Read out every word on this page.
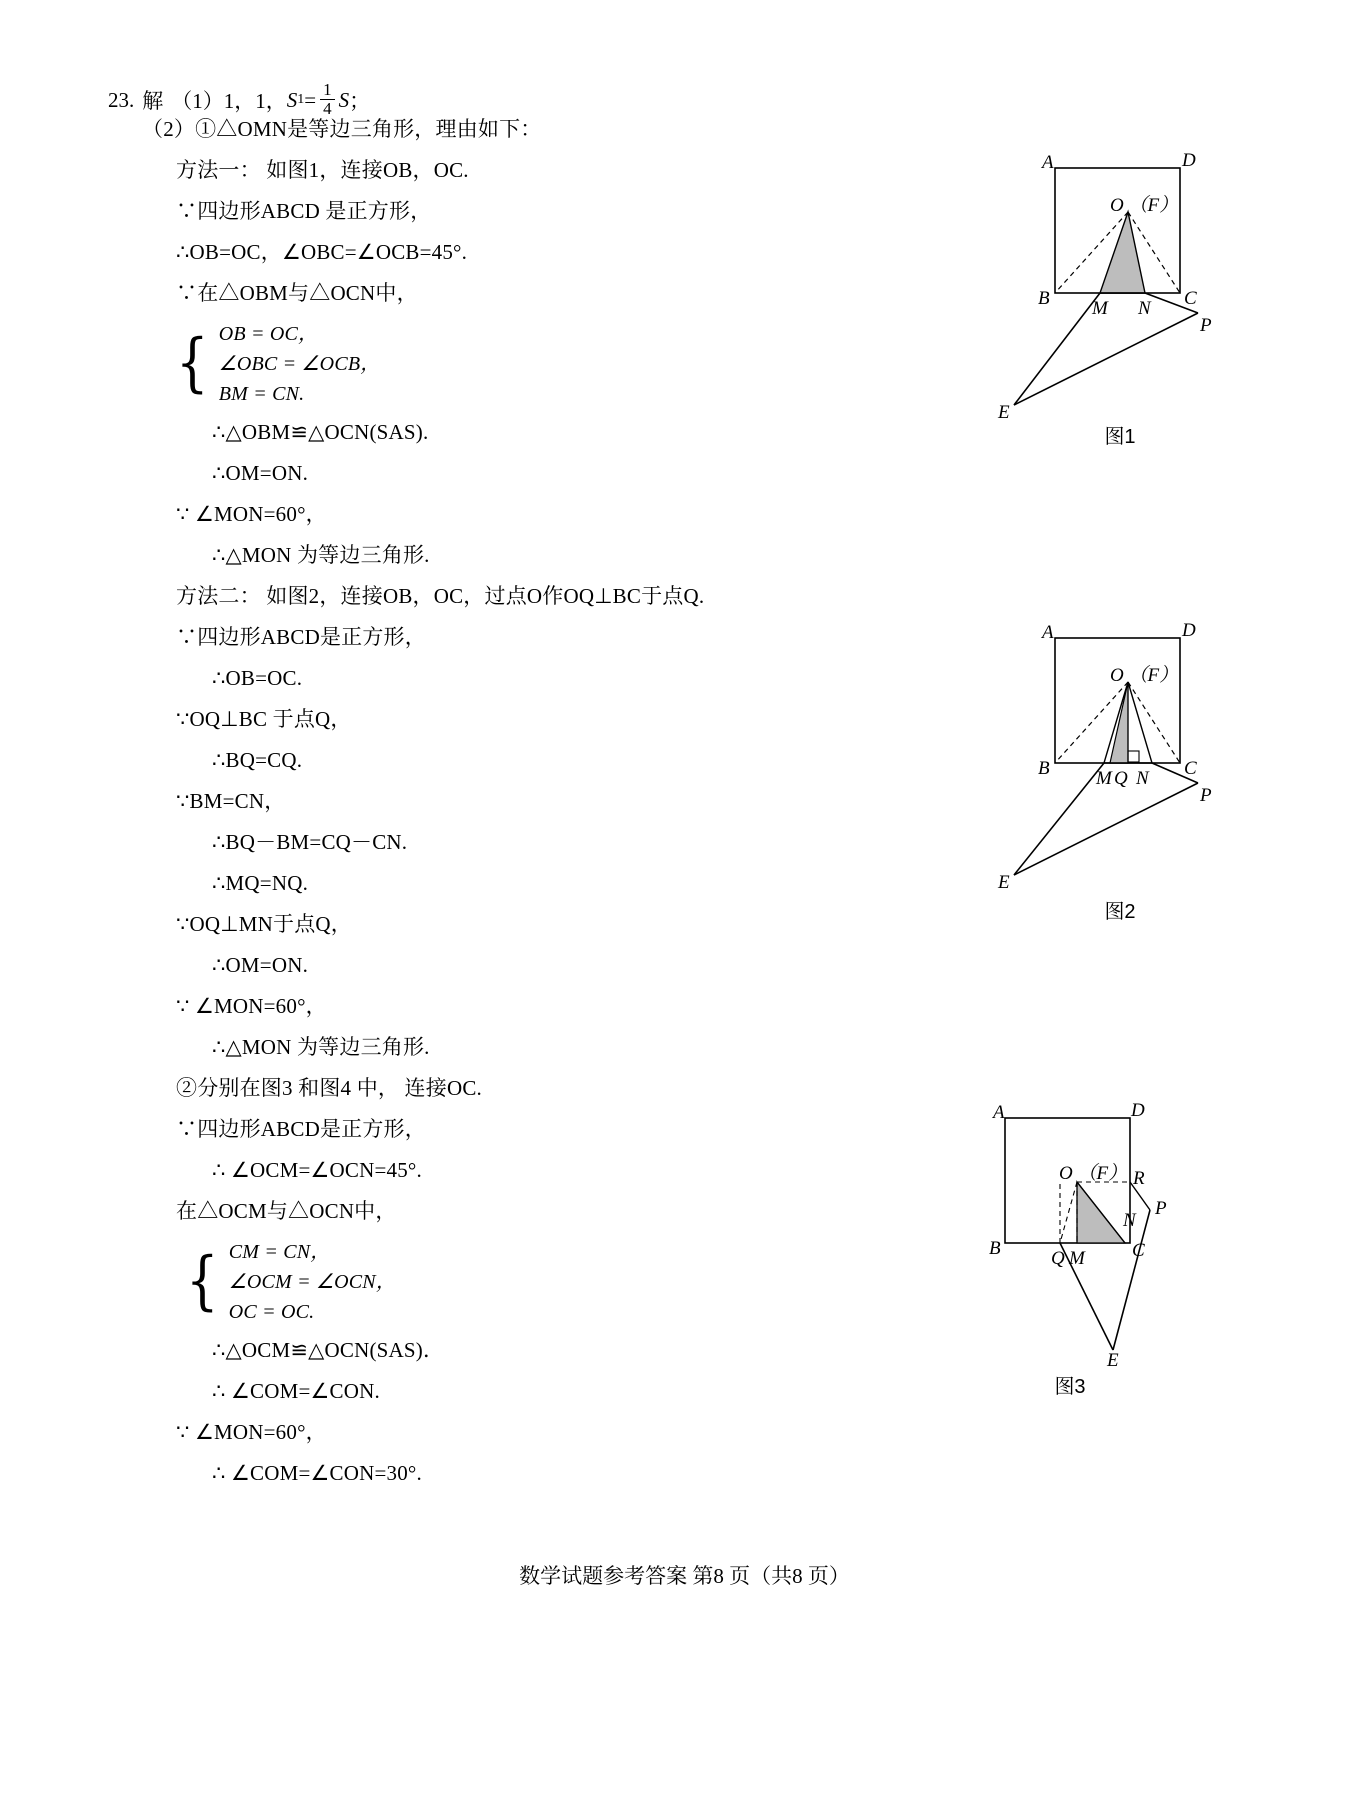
23. 解 （1）1，1， S $1 = \frac{1}{4}$ S ；
（2）①△OMN是等边三角形，理由如下：
方法一： 如图1，连接OB，OC.
∵四边形ABCD 是正方形，
∴OB=OC，∠OBC=∠OCB=45°.
∵在△OBM与△OCN中，
{ OB = OC，
∠OBC = ∠OCB，
BM = CN.
∴△OBM≌△OCN(SAS).
∴OM=ON.
∵ ∠MON=60°，
∴△MON 为等边三角形.
方法二： 如图2，连接OB，OC，过点O作OQ⊥BC于点Q.
∵四边形ABCD是正方形，
∴OB=OC.
∵OQ⊥BC 于点Q，
∴BQ=CQ.
∵BM=CN，
∴BQ－BM=CQ－CN.
∴MQ=NQ.
∵OQ⊥MN于点Q，
∴OM=ON.
∵ ∠MON=60°，
∴△MON 为等边三角形.
②分别在图3 和图4 中， 连接OC.
∵四边形ABCD是正方形，
∴ ∠OCM=∠OCN=45°.
在△OCM与△OCN中，
{ CM = CN，
∠OCM = ∠OCN，
OC = OC.
∴△OCM≌△OCN(SAS)．
∴ ∠COM=∠CON.
∵ ∠MON=60°，
∴ ∠COM=∠CON=30°.
A	D
O （F）
B	C
M N
P
E
图1
A	D
O （F）
B	C
M Q N
P
E
图2
A	D
O （F） R
B	C
Q M
N
P
E
图3
数学试题参考答案 第8 页（共8 页）
